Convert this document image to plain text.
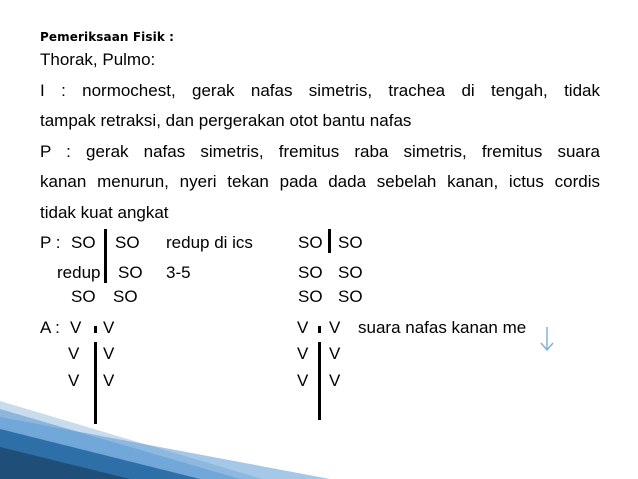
Pemeriksaan Fisik :
Thorak, Pulmo:
I : normochest, gerak nafas simetris, trachea di tengah, tidak
tampak retraksi, dan pergerakan otot bantu nafas
P : gerak nafas simetris, fremitus raba simetris, fremitus suara
kanan menurun, nyeri tekan pada dada sebelah kanan, ictus cordis
tidak kuat angkat
P : SO SO
redup SO
SO SO
redup di ics
3-5
SO SO
SO SO
SO SO
A : V V
V V
V V
V V
V V
V V
suara nafas kanan me
